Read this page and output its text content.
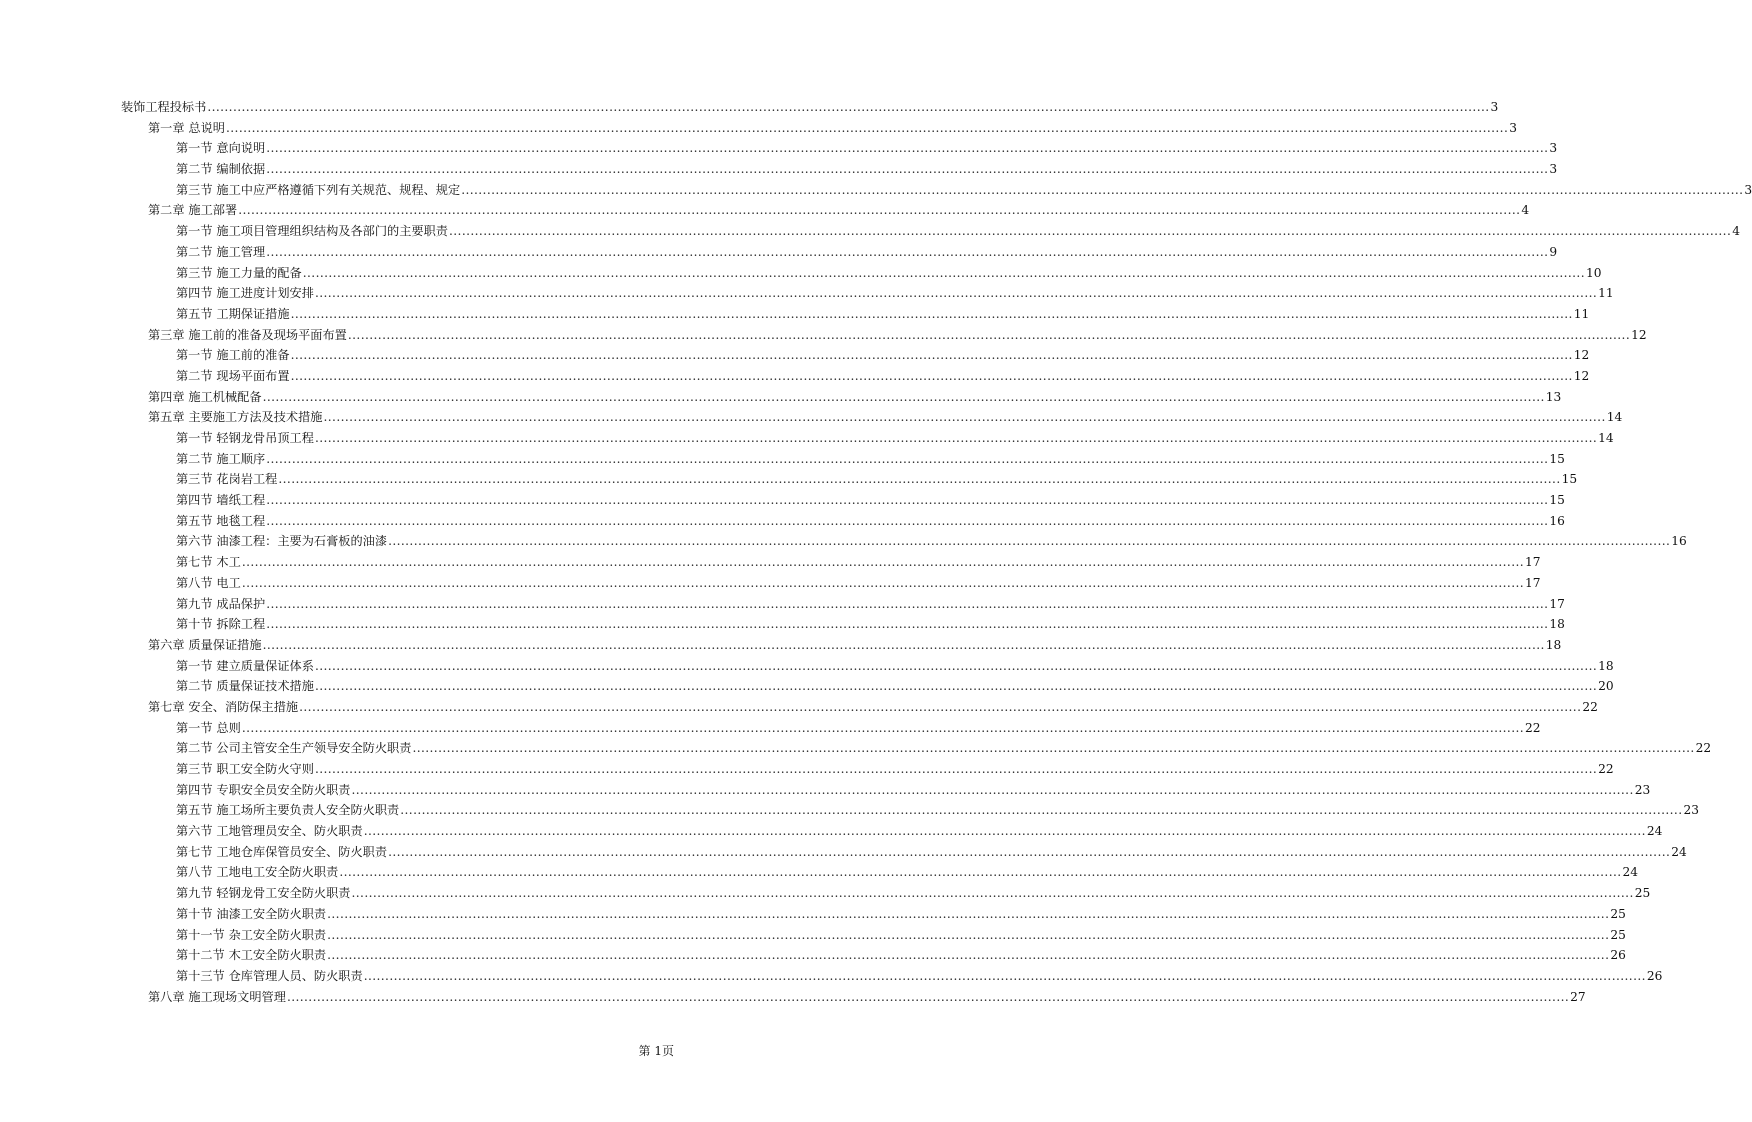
装饰工程投标书 ............................................................................................................................................................................................................................................................................................................ 3
第一章 总说明 ............................................................................................................................................................................................................................................................................................................ 3
第一节 意向说明 ............................................................................................................................................................................................................................................................................................................ 3
第二节 编制依据 ............................................................................................................................................................................................................................................................................................................ 3
第三节 施工中应严格遵循下列有关规范、规程、规定 ............................................................................................................................................................................................................................................................................................................ 3
第二章 施工部署 ............................................................................................................................................................................................................................................................................................................ 4
第一节 施工项目管理组织结构及各部门的主要职责 ............................................................................................................................................................................................................................................................................................................ 4
第二节 施工管理 ............................................................................................................................................................................................................................................................................................................ 9
第三节 施工力量的配备 ............................................................................................................................................................................................................................................................................................................ 10
第四节 施工进度计划安排 ............................................................................................................................................................................................................................................................................................................ 11
第五节 工期保证措施 ............................................................................................................................................................................................................................................................................................................ 11
第三章 施工前的准备及现场平面布置 ............................................................................................................................................................................................................................................................................................................ 12
第一节 施工前的准备 ............................................................................................................................................................................................................................................................................................................ 12
第二节 现场平面布置 ............................................................................................................................................................................................................................................................................................................ 12
第四章 施工机械配备 ............................................................................................................................................................................................................................................................................................................ 13
第五章 主要施工方法及技术措施 ............................................................................................................................................................................................................................................................................................................ 14
第一节 轻钢龙骨吊顶工程 ............................................................................................................................................................................................................................................................................................................ 14
第二节 施工顺序 ............................................................................................................................................................................................................................................................................................................ 15
第三节 花岗岩工程 ............................................................................................................................................................................................................................................................................................................ 15
第四节 墙纸工程 ............................................................................................................................................................................................................................................................................................................ 15
第五节 地毯工程 ............................................................................................................................................................................................................................................................................................................ 16
第六节 油漆工程：主要为石膏板的油漆 ............................................................................................................................................................................................................................................................................................................ 16
第七节 木工 ............................................................................................................................................................................................................................................................................................................ 17
第八节 电工 ............................................................................................................................................................................................................................................................................................................ 17
第九节 成品保护 ............................................................................................................................................................................................................................................................................................................ 17
第十节 拆除工程 ............................................................................................................................................................................................................................................................................................................ 18
第六章 质量保证措施 ............................................................................................................................................................................................................................................................................................................ 18
第一节 建立质量保证体系 ............................................................................................................................................................................................................................................................................................................ 18
第二节 质量保证技术措施 ............................................................................................................................................................................................................................................................................................................ 20
第七章 安全、消防保主措施 ............................................................................................................................................................................................................................................................................................................ 22
第一节 总则 ............................................................................................................................................................................................................................................................................................................ 22
第二节 公司主管安全生产领导安全防火职责 ............................................................................................................................................................................................................................................................................................................ 22
第三节 职工安全防火守则 ............................................................................................................................................................................................................................................................................................................ 22
第四节 专职安全员安全防火职责 ............................................................................................................................................................................................................................................................................................................ 23
第五节 施工场所主要负责人安全防火职责 ............................................................................................................................................................................................................................................................................................................ 23
第六节 工地管理员安全、防火职责 ............................................................................................................................................................................................................................................................................................................ 24
第七节 工地仓库保管员安全、防火职责 ............................................................................................................................................................................................................................................................................................................ 24
第八节 工地电工安全防火职责 ............................................................................................................................................................................................................................................................................................................ 24
第九节 轻钢龙骨工安全防火职责 ............................................................................................................................................................................................................................................................................................................ 25
第十节 油漆工安全防火职责 ............................................................................................................................................................................................................................................................................................................ 25
第十一节 杂工安全防火职责 ............................................................................................................................................................................................................................................................................................................ 25
第十二节 木工安全防火职责 ............................................................................................................................................................................................................................................................................................................ 26
第十三节 仓库管理人员、防火职责 ............................................................................................................................................................................................................................................................................................................ 26
第八章 施工现场文明管理 ............................................................................................................................................................................................................................................................................................................ 27
第 1页
